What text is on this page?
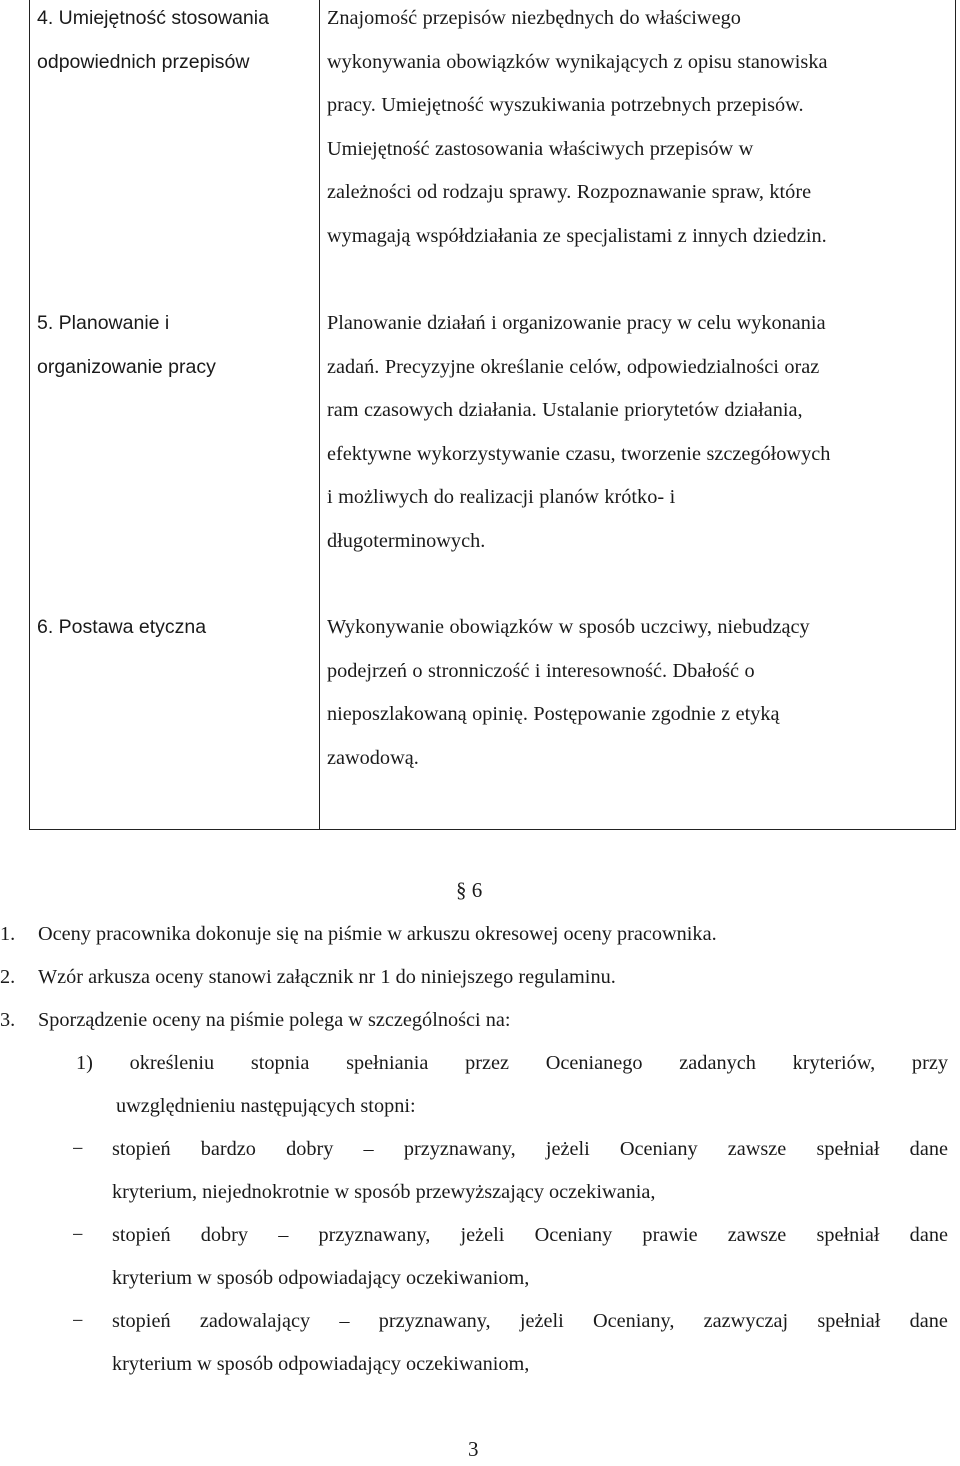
4. Umiejętność stosowania
odpowiednich przepisów
Znajomość przepisów niezbędnych do właściwego
wykonywania obowiązków wynikających z opisu stanowiska
pracy. Umiejętność wyszukiwania potrzebnych przepisów.
Umiejętność zastosowania właściwych przepisów w
zależności od rodzaju sprawy. Rozpoznawanie spraw, które
wymagają współdziałania ze specjalistami z innych dziedzin.
5. Planowanie i
organizowanie pracy
Planowanie działań i organizowanie pracy w celu wykonania
zadań. Precyzyjne określanie celów, odpowiedzialności oraz
ram czasowych działania. Ustalanie priorytetów działania,
efektywne wykorzystywanie czasu, tworzenie szczegółowych
i możliwych do realizacji planów krótko- i
długoterminowych.
6. Postawa etyczna	Wykonywanie obowiązków w sposób uczciwy, niebudzący
podejrzeń o stronniczość i interesowność. Dbałość o
nieposzlakowaną opinię. Postępowanie zgodnie z etyką
zawodową.
§ 6
1. Oceny pracownika dokonuje się na piśmie w arkuszu okresowej oceny pracownika.
2. Wzór arkusza oceny stanowi załącznik nr 1 do niniejszego regulaminu.
3. Sporządzenie oceny na piśmie polega w szczególności na:
1) określeniu stopnia spełniania przez Ocenianego zadanych kryteriów, przy
uwzględnieniu następujących stopni:
− stopień bardzo dobry – przyznawany, jeżeli Oceniany zawsze spełniał dane
kryterium, niejednokrotnie w sposób przewyższający oczekiwania,
− stopień dobry – przyznawany, jeżeli Oceniany prawie zawsze spełniał dane
kryterium w sposób odpowiadający oczekiwaniom,
− stopień zadowalający – przyznawany, jeżeli Oceniany, zazwyczaj spełniał dane
kryterium w sposób odpowiadający oczekiwaniom,
3
